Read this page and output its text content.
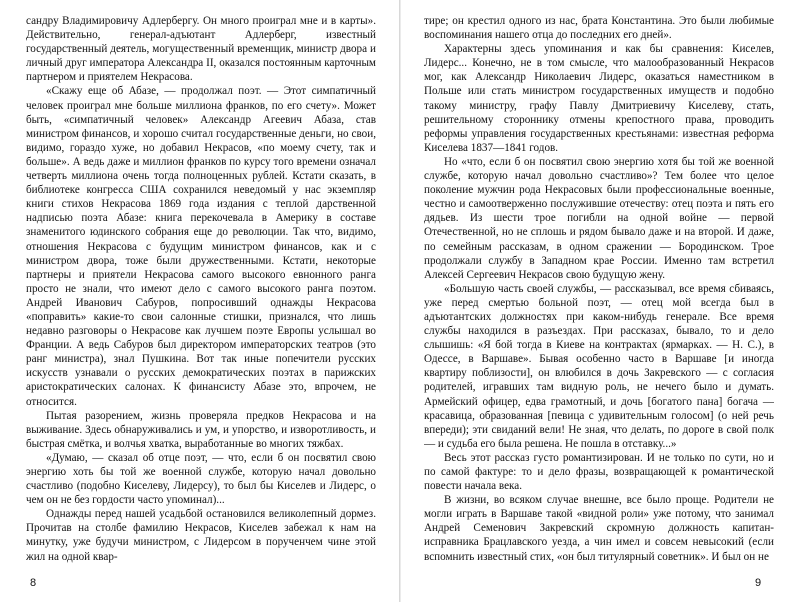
сандру Владимировичу Адлербергу. Он много проиграл мне и в карты». Действительно, генерал-адъютант Адлерберг, известный государственный деятель, могущественный временщик, министр двора и личный друг императора Александра II, оказался постоянным карточным партнером и приятелем Некрасова.

«Скажу еще об Абазе, — продолжал поэт. — Этот симпатичный человек проиграл мне больше миллиона франков, по его счету». Может быть, «симпатичный человек» Александр Агеевич Абаза, став министром финансов, и хорошо считал государственные деньги, но свои, видимо, гораздо хуже, но добавил Некрасов, «по моему счету, так и больше». А ведь даже и миллион франков по курсу того времени означал четверть миллиона очень тогда полноценных рублей. Кстати сказать, в библиотеке конгресса США сохранился неведомый у нас экземпляр книги стихов Некрасова 1869 года издания с теплой дарственной надписью поэта Абазе: книга перекочевала в Америку в составе знаменитого юдинского собрания еще до революции. Так что, видимо, отношения Некрасова с будущим министром финансов, как и с министром двора, тоже были дружественными. Кстати, некоторые партнеры и приятели Некрасова самого высокого евнонного ранга просто не знали, что имеют дело с самого высокого ранга поэтом. Андрей Иванович Сабуров, попросивший однажды Некрасова «поправить» какие-то свои салонные стишки, признался, что лишь недавно разговоры о Некрасове как лучшем поэте Европы услышал во Франции. А ведь Сабуров был директором императорских театров (это ранг министра), знал Пушкина. Вот так иные попечители русских искусств узнавали о русских демократических поэтах в парижских аристократических салонах. К финансисту Абазе это, впрочем, не относится.

Пытая разорением, жизнь проверяла предков Некрасова и на выживание. Здесь обнаруживались и ум, и упорство, и изворотливость, и быстрая смётка, и волчья хватка, выработанные во многих тяжбах.

«Думаю, — сказал об отце поэт, — что, если б он посвятил свою энергию хоть бы той же военной службе, которую начал довольно счастливо (подобно Киселеву, Лидерсу), то был бы Киселев и Лидерс, о чем он не без гордости часто упоминал)...

Однажды перед нашей усадьбой остановился великолепный дормез. Прочитав на столбе фамилию Некрасов, Киселев забежал к нам на минутку, уже будучи министром, с Лидерсом в порученчем чине этой жил на одной квар-

8

тире; он крестил одного из нас, брата Константина. Это были любимые воспоминания нашего отца до последних его дней».

Характерны здесь упоминания и как бы сравнения: Киселев, Лидерс... Конечно, не в том смысле, что малообразованный Некрасов мог, как Александр Николаевич Лидерс, оказаться наместником в Польше или стать министром государственных имуществ и подобно такому министру, графу Павлу Дмитриевичу Киселеву, стать, решительному стороннику отмены крепостного права, проводить реформы управления государственных крестьянами: известная реформа Киселева 1837—1841 годов.

Но «что, если б он посвятил свою энергию хотя бы той же военной службе, которую начал довольно счастливо»? Тем более что целое поколение мужчин рода Некрасовых были профессиональные военные, честно и самоотверженно послужившие отечеству: отец поэта и пять его дядьев. Из шести трое погибли на одной войне — первой Отечественной, но не сплошь и рядом бывало даже и на второй. И даже, по семейным рассказам, в одном сражении — Бородинском. Трое продолжали службу в Западном крае России. Именно там встретил Алексей Сергеевич Некрасов свою будущую жену.

«Большую часть своей службы, — рассказывал, все время сбиваясь, уже перед смертью больной поэт, — отец мой всегда был в адъютантских должностях при каком-нибудь генерале. Все время службы находился в разъездах. При рассказах, бывало, то и дело слышишь: «Я бой тогда в Киеве на контрактах (ярмарках. — Н. С.), в Одессе, в Варшаве». Бывая особенно часто в Варшаве [и иногда квартиру поблизости], он влюбился в дочь Закревского — с согласия родителей, игравших там видную роль, не нечего было и думать. Армейский офицер, едва грамотный, и дочь [богатого пана] богача — красавица, образованная [певица с удивительным голосом] (о ней речь впереди); эти свиданий вели! Не зная, что делать, по дороге в свой полк — и судьба его была решена. Не пошла в отставку...»

Весь этот рассказ густо романтизирован. И не только по сути, но и по самой фактуре: то и дело фразы, возвращающей к романтической повести начала века.

В жизни, во всяком случае внешне, все было проще. Родители не могли играть в Варшаве такой «видной роли» уже потому, что занимал Андрей Семенович Закревский скромную должность капитан-исправника Брацлавского уезда, а чин имел и совсем невысокий (если вспомнить известный стих, «он был титулярный советник». И был он не

9
